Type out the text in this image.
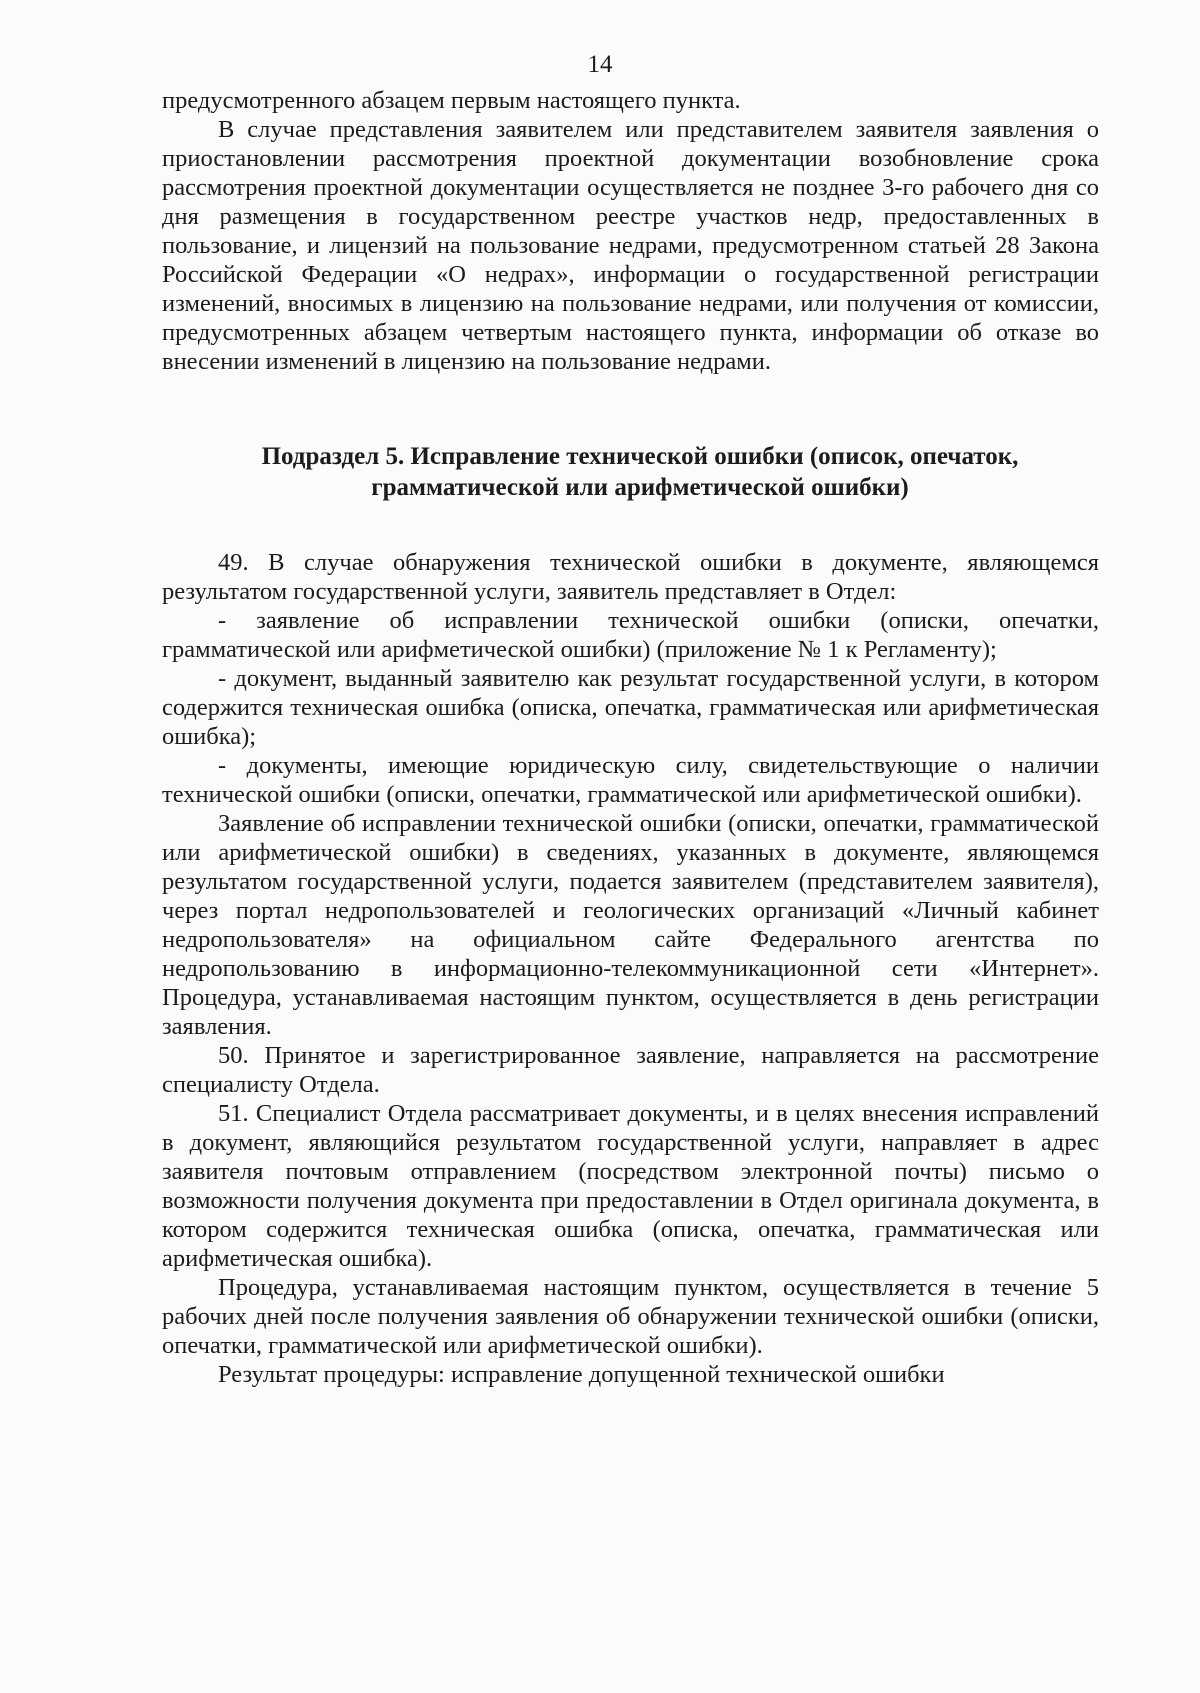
14

предусмотренного абзацем первым настоящего пункта.

В случае представления заявителем или представителем заявителя заявления о приостановлении рассмотрения проектной документации возобновление срока рассмотрения проектной документации осуществляется не позднее 3-го рабочего дня со дня размещения в государственном реестре участков недр, предоставленных в пользование, и лицензий на пользование недрами, предусмотренном статьей 28 Закона Российской Федерации «О недрах», информации о государственной регистрации изменений, вносимых в лицензию на пользование недрами, или получения от комиссии, предусмотренных абзацем четвертым настоящего пункта, информации об отказе во внесении изменений в лицензию на пользование недрами.

Подраздел 5. Исправление технической ошибки (описок, опечаток,
грамматической или арифметической ошибки)

49. В случае обнаружения технической ошибки в документе, являющемся результатом государственной услуги, заявитель представляет в Отдел:

- заявление об исправлении технической ошибки (описки, опечатки, грамматической или арифметической ошибки) (приложение № 1 к Регламенту);

- документ, выданный заявителю как результат государственной услуги, в котором содержится техническая ошибка (описка, опечатка, грамматическая или арифметическая ошибка);

- документы, имеющие юридическую силу, свидетельствующие о наличии технической ошибки (описки, опечатки, грамматической или арифметической ошибки).

Заявление об исправлении технической ошибки (описки, опечатки, грамматической или арифметической ошибки) в сведениях, указанных в документе, являющемся результатом государственной услуги, подается заявителем (представителем заявителя), через портал недропользователей и геологических организаций «Личный кабинет недропользователя» на официальном сайте Федерального агентства по недропользованию в информационно-телекоммуникационной сети «Интернет». Процедура, устанавливаемая настоящим пунктом, осуществляется в день регистрации заявления.

50. Принятое и зарегистрированное заявление, направляется на рассмотрение специалисту Отдела.

51. Специалист Отдела рассматривает документы, и в целях внесения исправлений в документ, являющийся результатом государственной услуги, направляет в адрес заявителя почтовым отправлением (посредством электронной почты) письмо о возможности получения документа при предоставлении в Отдел оригинала документа, в котором содержится техническая ошибка (описка, опечатка, грамматическая или арифметическая ошибка).

Процедура, устанавливаемая настоящим пунктом, осуществляется в течение 5 рабочих дней после получения заявления об обнаружении технической ошибки (описки, опечатки, грамматической или арифметической ошибки).

Результат процедуры: исправление допущенной технической ошибки
